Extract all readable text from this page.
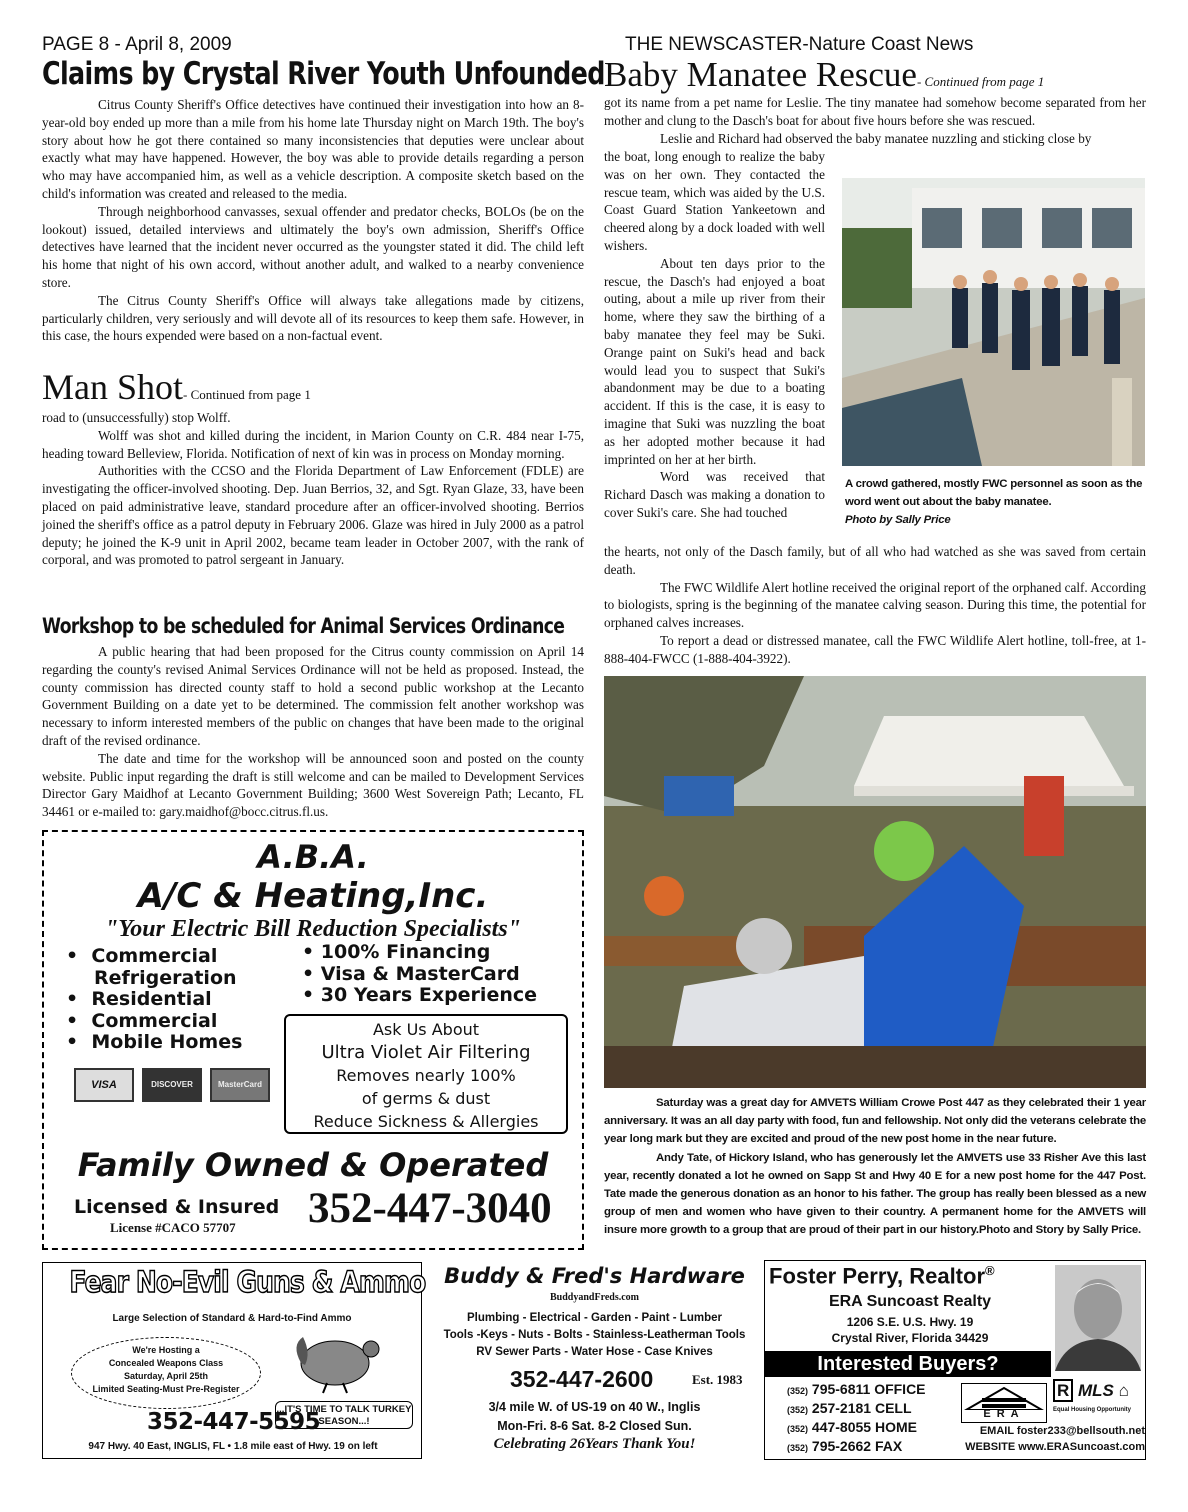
PAGE 8 - April 8, 2009	THE NEWSCASTER-Nature Coast News
Claims by Crystal River Youth Unfounded

Citrus County Sheriff's Office detectives have continued their investigation into how an 8-year-old boy ended up more than a mile from his home late Thursday night on March 19th. The boy's story about how he got there contained so many inconsistencies that deputies were unclear about exactly what may have happened. However, the boy was able to provide details regarding a person who may have accompanied him, as well as a vehicle description. A composite sketch based on the child's information was created and released to the media.

Through neighborhood canvasses, sexual offender and predator checks, BOLOs (be on the lookout) issued, detailed interviews and ultimately the boy's own admission, Sheriff's Office detectives have learned that the incident never occurred as the youngster stated it did. The child left his home that night of his own accord, without another adult, and walked to a nearby convenience store.

The Citrus County Sheriff's Office will always take allegations made by citizens, particularly children, very seriously and will devote all of its resources to keep them safe. However, in this case, the hours expended were based on a non-factual event.

Man Shot- Continued from page 1

road to (unsuccessfully) stop Wolff.

Wolff was shot and killed during the incident, in Marion County on C.R. 484 near I-75, heading toward Belleview, Florida. Notification of next of kin was in process on Monday morning.

Authorities with the CCSO and the Florida Department of Law Enforcement (FDLE) are investigating the officer-involved shooting. Dep. Juan Berrios, 32, and Sgt. Ryan Glaze, 33, have been placed on paid administrative leave, standard procedure after an officer-involved shooting. Berrios joined the sheriff's office as a patrol deputy in February 2006. Glaze was hired in July 2000 as a patrol deputy; he joined the K-9 unit in April 2002, became team leader in October 2007, with the rank of corporal, and was promoted to patrol sergeant in January.

Workshop to be scheduled for Animal Services Ordinance

A public hearing that had been proposed for the Citrus county commission on April 14 regarding the county's revised Animal Services Ordinance will not be held as proposed. Instead, the county commission has directed county staff to hold a second public workshop at the Lecanto Government Building on a date yet to be determined. The commission felt another workshop was necessary to inform interested members of the public on changes that have been made to the original draft of the revised ordinance.

The date and time for the workshop will be announced soon and posted on the county website. Public input regarding the draft is still welcome and can be mailed to Development Services Director Gary Maidhof at Lecanto Government Building; 3600 West Sovereign Path; Lecanto, FL 34461 or e-mailed to: gary.maidhof@bocc.citrus.fl.us.

Baby Manatee Rescue- Continued from page 1

got its name from a pet name for Leslie. The tiny manatee had somehow become separated from her mother and clung to the Dasch's boat for about five hours before she was rescued.

Leslie and Richard had observed the baby manatee nuzzling and sticking close by

the boat, long enough to realize the baby was on her own. They contacted the rescue team, which was aided by the U.S. Coast Guard Station Yankeetown and cheered along by a dock loaded with well wishers.

About ten days prior to the rescue, the Dasch's had enjoyed a boat outing, about a mile up river from their home, where they saw the birthing of a baby manatee they feel may be Suki. Orange paint on Suki's head and back would lead you to suspect that Suki's abandonment may be due to a boating accident. If this is the case, it is easy to imagine that Suki was nuzzling the boat as her adopted mother because it had imprinted on her at her birth.

Word was received that Richard Dasch was making a donation to cover Suki's care. She had touched

A crowd gathered, mostly FWC personnel as soon as the word went out about the baby manatee.
Photo by Sally Price

the hearts, not only of the Dasch family, but of all who had watched as she was saved from certain death.

The FWC Wildlife Alert hotline received the original report of the orphaned calf. According to biologists, spring is the beginning of the manatee calving season. During this time, the potential for orphaned calves increases.

To report a dead or distressed manatee, call the FWC Wildlife Alert hotline, toll-free, at 1-888-404-FWCC (1-888-404-3922).

Saturday was a great day for AMVETS William Crowe Post 447 as they celebrated their 1 year anniversary. It was an all day party with food, fun and fellowship. Not only did the veterans celebrate the year long mark but they are excited and proud of the new post home in the near future.
Andy Tate, of Hickory Island, who has generously let the AMVETS use 33 Risher Ave this last year, recently donated a lot he owned on Sapp St and Hwy 40 E for a new post home for the 447 Post. Tate made the generous donation as an honor to his father. The group has really been blessed as a new group of men and women who have given to their country. A permanent home for the AMVETS will insure more growth to a group that are proud of their part in our history.Photo and Story by Sally Price.
A.B.A.
A/C & Heating,Inc.
"Your Electric Bill Reduction Specialists"
•  Commercial Refrigeration
•  Residential
•  Commercial
•  Mobile Homes
• 100% Financing
• Visa & MasterCard
• 30 Years Experience
VISA	DISCOVER	MasterCard
Ask Us About
Ultra Violet Air Filtering
Removes nearly 100%
of germs & dust
Reduce Sickness & Allergies
Family Owned & Operated
Licensed & Insured
License #CACO 57707 352-447-3040
Fear No-Evil Guns & Ammo
Large Selection of Standard & Hard-to-Find Ammo
We're Hosting a
Concealed Weapons Class
Saturday, April 25th
Limited Seating-Must Pre-Register
...IT'S TIME TO TALK TURKEY SEASON...!
352-447-5595
947 Hwy. 40 East, INGLIS, FL • 1.8 mile east of Hwy. 19 on left
Buddy & Fred's Hardware
BuddyandFreds.com
Plumbing - Electrical - Garden - Paint - Lumber
Tools -Keys - Nuts - Bolts - Stainless-Leatherman Tools
RV Sewer Parts - Water Hose - Case Knives
352-447-2600	Est. 1983
3/4 mile W. of US-19 on 40 W., Inglis
Mon-Fri. 8-6 Sat. 8-2 Closed Sun.
Celebrating 26Years Thank You!
Foster Perry, Realtor®
ERA Suncoast Realty
1206 S.E. U.S. Hwy. 19
Crystal River, Florida 34429
Interested Buyers?
(352) 795-6811 OFFICE
(352) 257-2181 CELL
(352) 447-8055 HOME
(352) 795-2662 FAX
ERA
R MLS ⌂
Equal Housing Opportunity
EMAIL foster233@bellsouth.net
WEBSITE www.ERASuncoast.com
